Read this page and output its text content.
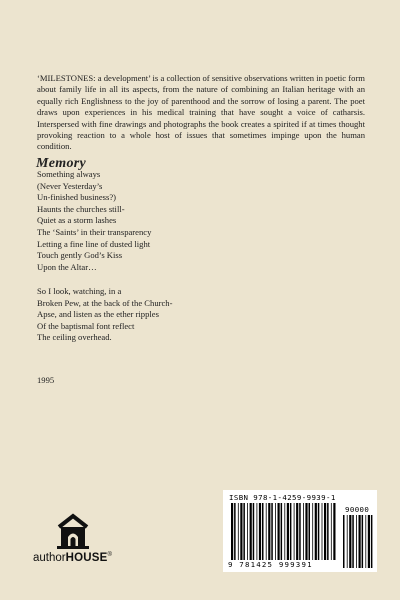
‘MILESTONES: a development’ is a collection of sensitive observations written in poetic form about family life in all its aspects, from the nature of combining an Italian heritage with an equally rich Englishness to the joy of parenthood and the sorrow of losing a parent. The poet draws upon experiences in his medical training that have sought a voice of catharsis. Interspersed with fine drawings and photographs the book creates a spirited if at times thought provoking reaction to a whole host of issues that sometimes impinge upon the human condition.

Memory
Something always
(Never Yesterday’s
Un-finished business?)
Haunts the churches still-
Quiet as a storm lashes
The ‘Saints’ in their transparency
Letting a fine line of dusted light
Touch gently God’s Kiss
Upon the Altar…
So I look, watching, in a
Broken Pew, at the back of the Church-
Apse, and listen as the ether ripples
Of the baptismal font reflect
The ceiling overhead.

1995

authorHOUSE®
ISBN 978-1-4259-9939-1
90000
9 781425 999391
